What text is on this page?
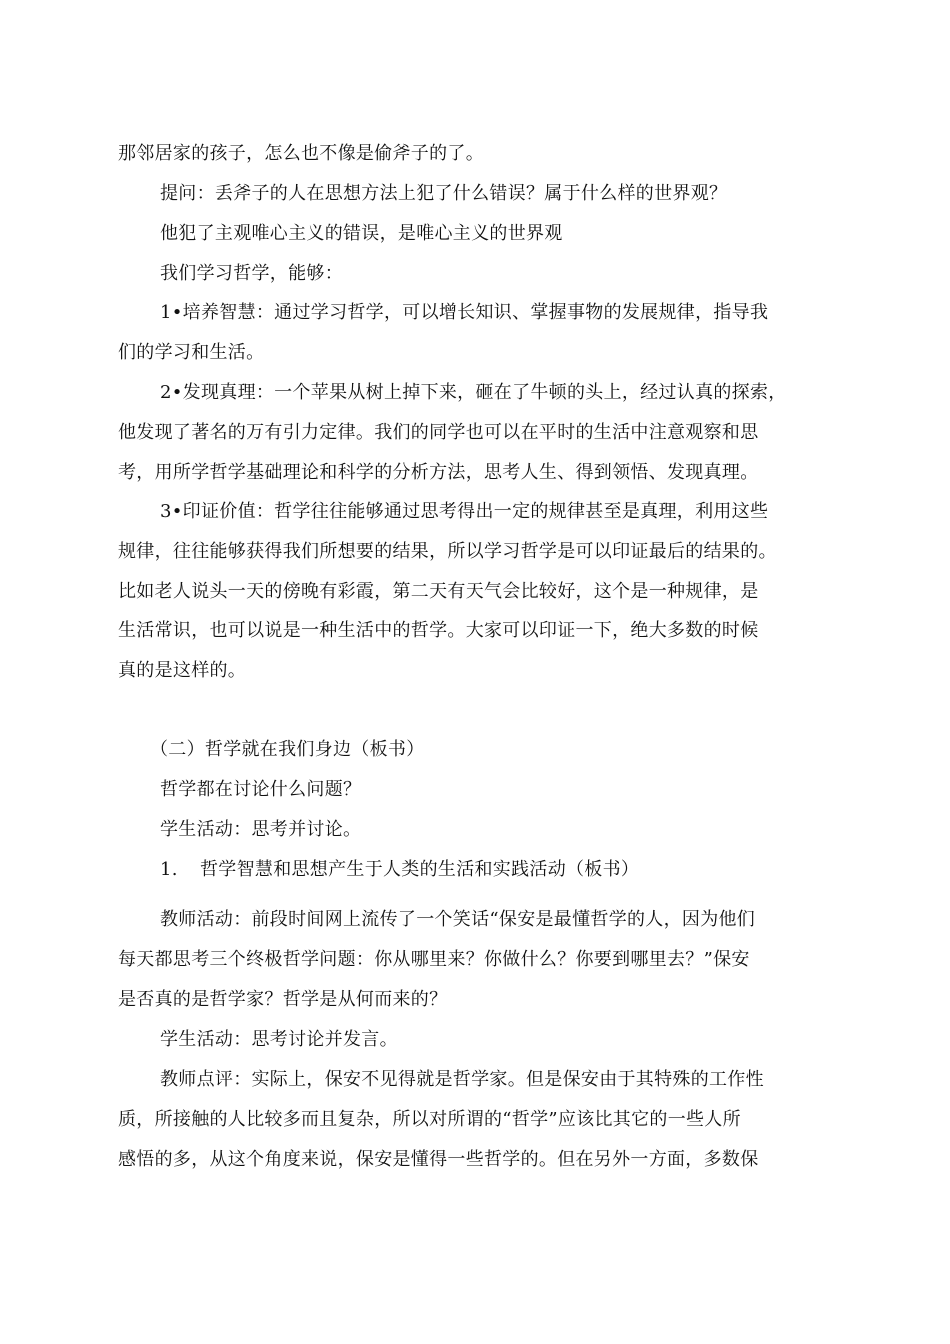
那邻居家的孩子，怎么也不像是偷斧子的了。
提问：丢斧子的人在思想方法上犯了什么错误？属于什么样的世界观？
他犯了主观唯心主义的错误，是唯心主义的世界观
我们学习哲学，能够：
1•培养智慧：通过学习哲学，可以增长知识、掌握事物的发展规律，指导我
们的学习和生活。
2•发现真理：一个苹果从树上掉下来，砸在了牛顿的头上，经过认真的探索，
他发现了著名的万有引力定律。我们的同学也可以在平时的生活中注意观察和思
考，用所学哲学基础理论和科学的分析方法，思考人生、得到领悟、发现真理。
3•印证价值：哲学往往能够通过思考得出一定的规律甚至是真理，利用这些
规律，往往能够获得我们所想要的结果，所以学习哲学是可以印证最后的结果的。
比如老人说头一天的傍晚有彩霞，第二天有天气会比较好，这个是一种规律，是
生活常识，也可以说是一种生活中的哲学。大家可以印证一下，绝大多数的时候
真的是这样的。
（二）哲学就在我们身边（板书）
哲学都在讨论什么问题？
学生活动：思考并讨论。
1. 哲学智慧和思想产生于人类的生活和实践活动（板书）
教师活动：前段时间网上流传了一个笑话“保安是最懂哲学的人，因为他们
每天都思考三个终极哲学问题：你从哪里来？你做什么？你要到哪里去？”保安
是否真的是哲学家？哲学是从何而来的？
学生活动：思考讨论并发言。
教师点评：实际上，保安不见得就是哲学家。但是保安由于其特殊的工作性
质，所接触的人比较多而且复杂，所以对所谓的“哲学”应该比其它的一些人所
感悟的多，从这个角度来说，保安是懂得一些哲学的。但在另外一方面，多数保
